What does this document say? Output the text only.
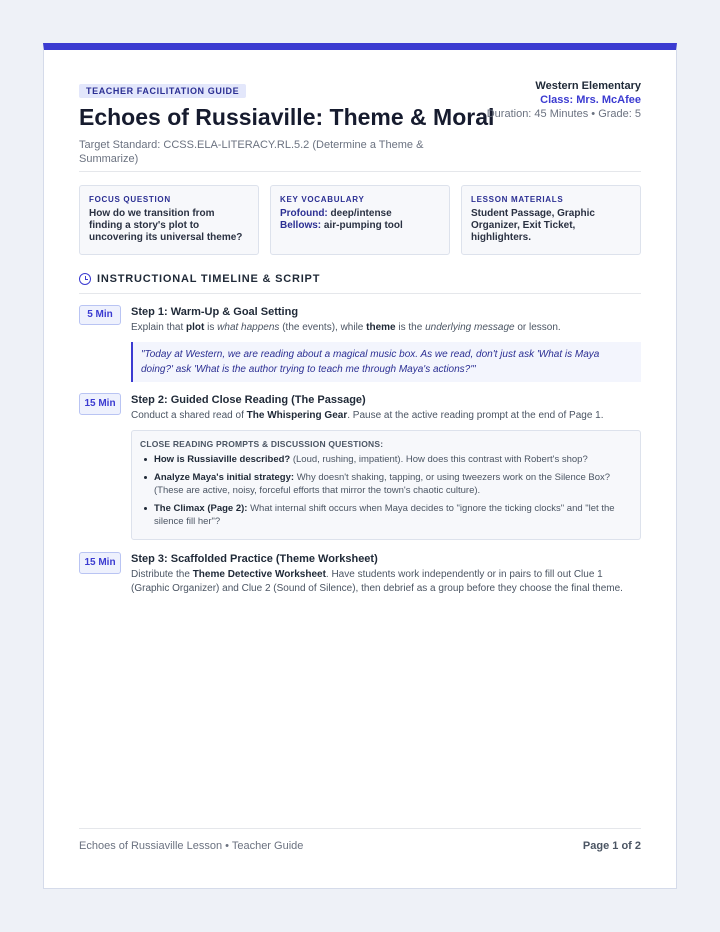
TEACHER FACILITATION GUIDE
Echoes of Russiaville: Theme & Moral
Target Standard: CCSS.ELA-LITERACY.RL.5.2 (Determine a Theme & Summarize)
Western Elementary
Class: Mrs. McAfee
Duration: 45 Minutes • Grade: 5
FOCUS QUESTION
How do we transition from finding a story's plot to uncovering its universal theme?
KEY VOCABULARY
Profound: deep/intense
Bellows: air-pumping tool
LESSON MATERIALS
Student Passage, Graphic Organizer, Exit Ticket, highlighters.
INSTRUCTIONAL TIMELINE & SCRIPT
5 Min	Step 1: Warm-Up & Goal Setting
Explain that plot is what happens (the events), while theme is the underlying message or lesson.
"Today at Western, we are reading about a magical music box. As we read, don't just ask 'What is Maya doing?' ask 'What is the author trying to teach me through Maya's actions?'"
15 Min	Step 2: Guided Close Reading (The Passage)
Conduct a shared read of The Whispering Gear. Pause at the active reading prompt at the end of Page 1.
CLOSE READING PROMPTS & DISCUSSION QUESTIONS:
How is Russiaville described? (Loud, rushing, impatient). How does this contrast with Robert's shop?
Analyze Maya's initial strategy: Why doesn't shaking, tapping, or using tweezers work on the Silence Box? (These are active, noisy, forceful efforts that mirror the town's chaotic culture).
The Climax (Page 2): What internal shift occurs when Maya decides to "ignore the ticking clocks" and "let the silence fill her"?
15 Min	Step 3: Scaffolded Practice (Theme Worksheet)
Distribute the Theme Detective Worksheet. Have students work independently or in pairs to fill out Clue 1 (Graphic Organizer) and Clue 2 (Sound of Silence), then debrief as a group before they choose the final theme.
Echoes of Russiaville Lesson • Teacher Guide	Page 1 of 2
